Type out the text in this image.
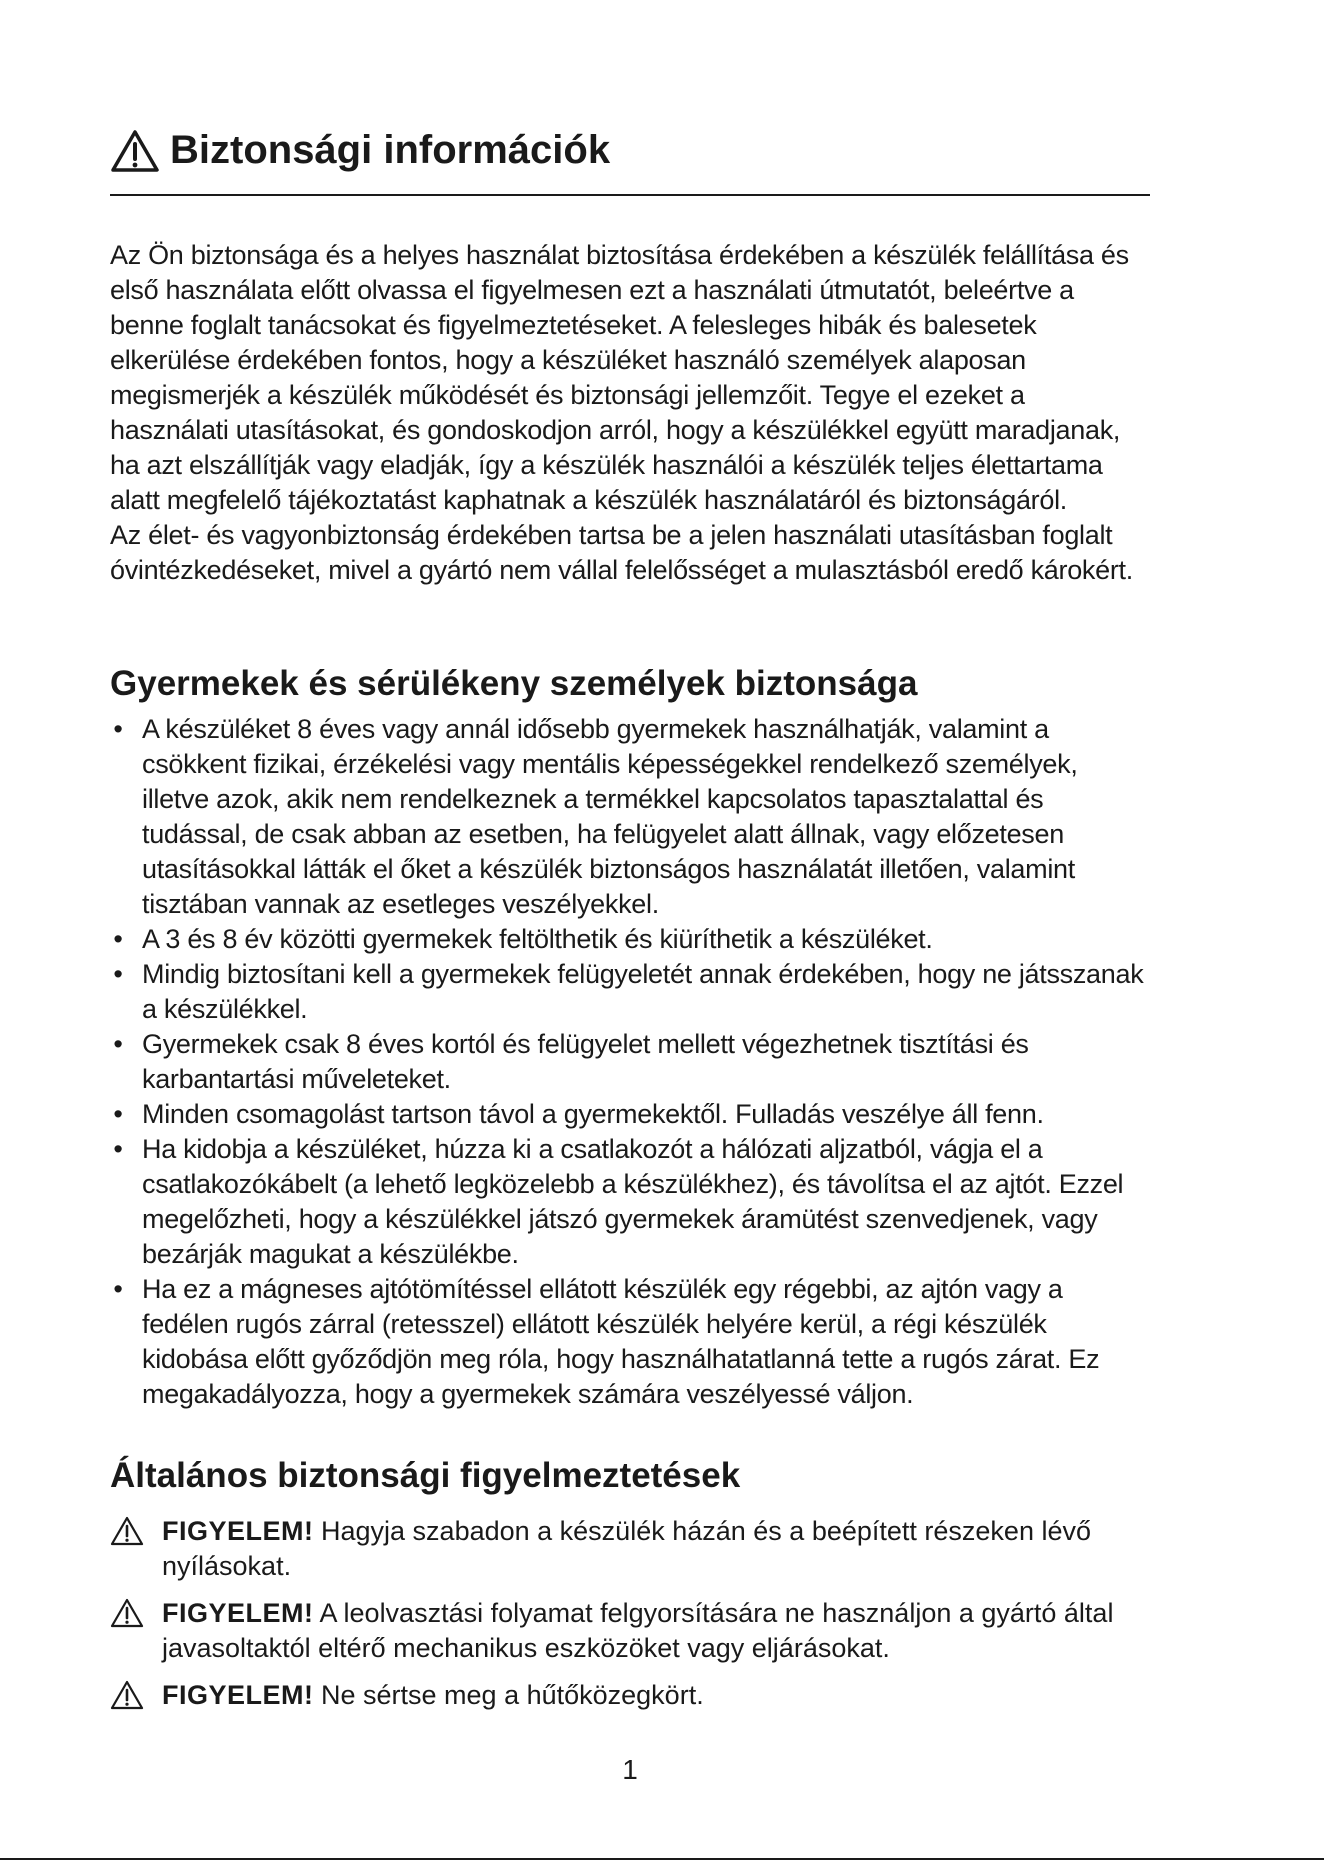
Biztonsági információk

Az Ön biztonsága és a helyes használat biztosítása érdekében a készülék felállítása és első használata előtt olvassa el figyelmesen ezt a használati útmutatót, beleértve a benne foglalt tanácsokat és figyelmeztetéseket. A felesleges hibák és balesetek elkerülése érdekében fontos, hogy a készüléket használó személyek alaposan megismerjék a készülék működését és biztonsági jellemzőit. Tegye el ezeket a használati utasításokat, és gondoskodjon arról, hogy a készülékkel együtt maradjanak, ha azt elszállítják vagy eladják, így a készülék használói a készülék teljes élettartama alatt megfelelő tájékoztatást kaphatnak a készülék használatáról és biztonságáról.

Az élet- és vagyonbiztonság érdekében tartsa be a jelen használati utasításban foglalt óvintézkedéseket, mivel a gyártó nem vállal felelősséget a mulasztásból eredő károkért.

Gyermekek és sérülékeny személyek biztonsága
• A készüléket 8 éves vagy annál idősebb gyermekek használhatják, valamint a csökkent fizikai, érzékelési vagy mentális képességekkel rendelkező személyek, illetve azok, akik nem rendelkeznek a termékkel kapcsolatos tapasztalattal és tudással, de csak abban az esetben, ha felügyelet alatt állnak, vagy előzetesen utasításokkal látták el őket a készülék biztonságos használatát illetően, valamint tisztában vannak az esetleges veszélyekkel.
• A 3 és 8 év közötti gyermekek feltölthetik és kiüríthetik a készüléket.
• Mindig biztosítani kell a gyermekek felügyeletét annak érdekében, hogy ne játsszanak a készülékkel.
• Gyermekek csak 8 éves kortól és felügyelet mellett végezhetnek tisztítási és karbantartási műveleteket.
• Minden csomagolást tartson távol a gyermekektől. Fulladás veszélye áll fenn.
• Ha kidobja a készüléket, húzza ki a csatlakozót a hálózati aljzatból, vágja el a csatlakozókábelt (a lehető legközelebb a készülékhez), és távolítsa el az ajtót. Ezzel megelőzheti, hogy a készülékkel játszó gyermekek áramütést szenvedjenek, vagy bezárják magukat a készülékbe.
• Ha ez a mágneses ajtótömítéssel ellátott készülék egy régebbi, az ajtón vagy a fedélen rugós zárral (retesszel) ellátott készülék helyére kerül, a régi készülék kidobása előtt győződjön meg róla, hogy használhatatlanná tette a rugós zárat. Ez megakadályozza, hogy a gyermekek számára veszélyessé váljon.
Általános biztonsági figyelmeztetések
FIGYELEM! Hagyja szabadon a készülék házán és a beépített részeken lévő nyílásokat.
FIGYELEM! A leolvasztási folyamat felgyorsítására ne használjon a gyártó által javasoltaktól eltérő mechanikus eszközöket vagy eljárásokat.
FIGYELEM! Ne sértse meg a hűtőközegkört.
1
